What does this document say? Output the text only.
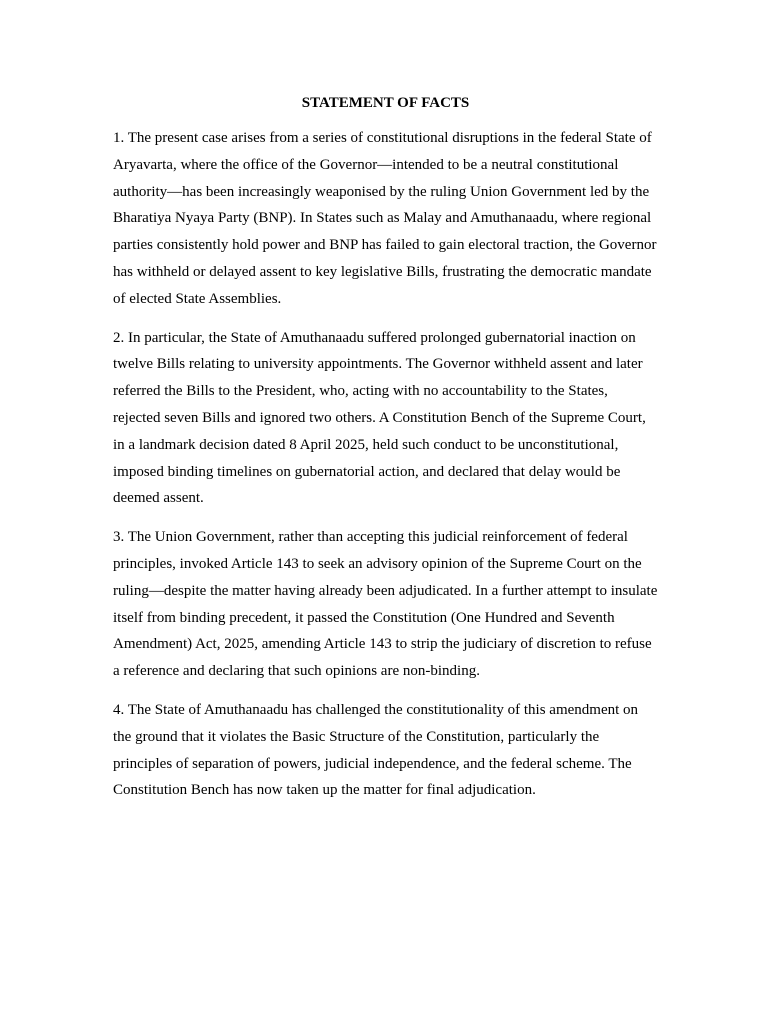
STATEMENT OF FACTS

1. The present case arises from a series of constitutional disruptions in the federal State of Aryavarta, where the office of the Governor—intended to be a neutral constitutional authority—has been increasingly weaponised by the ruling Union Government led by the Bharatiya Nyaya Party (BNP). In States such as Malay and Amuthanaadu, where regional parties consistently hold power and BNP has failed to gain electoral traction, the Governor has withheld or delayed assent to key legislative Bills, frustrating the democratic mandate of elected State Assemblies.

2. In particular, the State of Amuthanaadu suffered prolonged gubernatorial inaction on twelve Bills relating to university appointments. The Governor withheld assent and later referred the Bills to the President, who, acting with no accountability to the States, rejected seven Bills and ignored two others. A Constitution Bench of the Supreme Court, in a landmark decision dated 8 April 2025, held such conduct to be unconstitutional, imposed binding timelines on gubernatorial action, and declared that delay would be deemed assent.

3. The Union Government, rather than accepting this judicial reinforcement of federal principles, invoked Article 143 to seek an advisory opinion of the Supreme Court on the ruling—despite the matter having already been adjudicated. In a further attempt to insulate itself from binding precedent, it passed the Constitution (One Hundred and Seventh Amendment) Act, 2025, amending Article 143 to strip the judiciary of discretion to refuse a reference and declaring that such opinions are non-binding.

4. The State of Amuthanaadu has challenged the constitutionality of this amendment on the ground that it violates the Basic Structure of the Constitution, particularly the principles of separation of powers, judicial independence, and the federal scheme. The Constitution Bench has now taken up the matter for final adjudication.
